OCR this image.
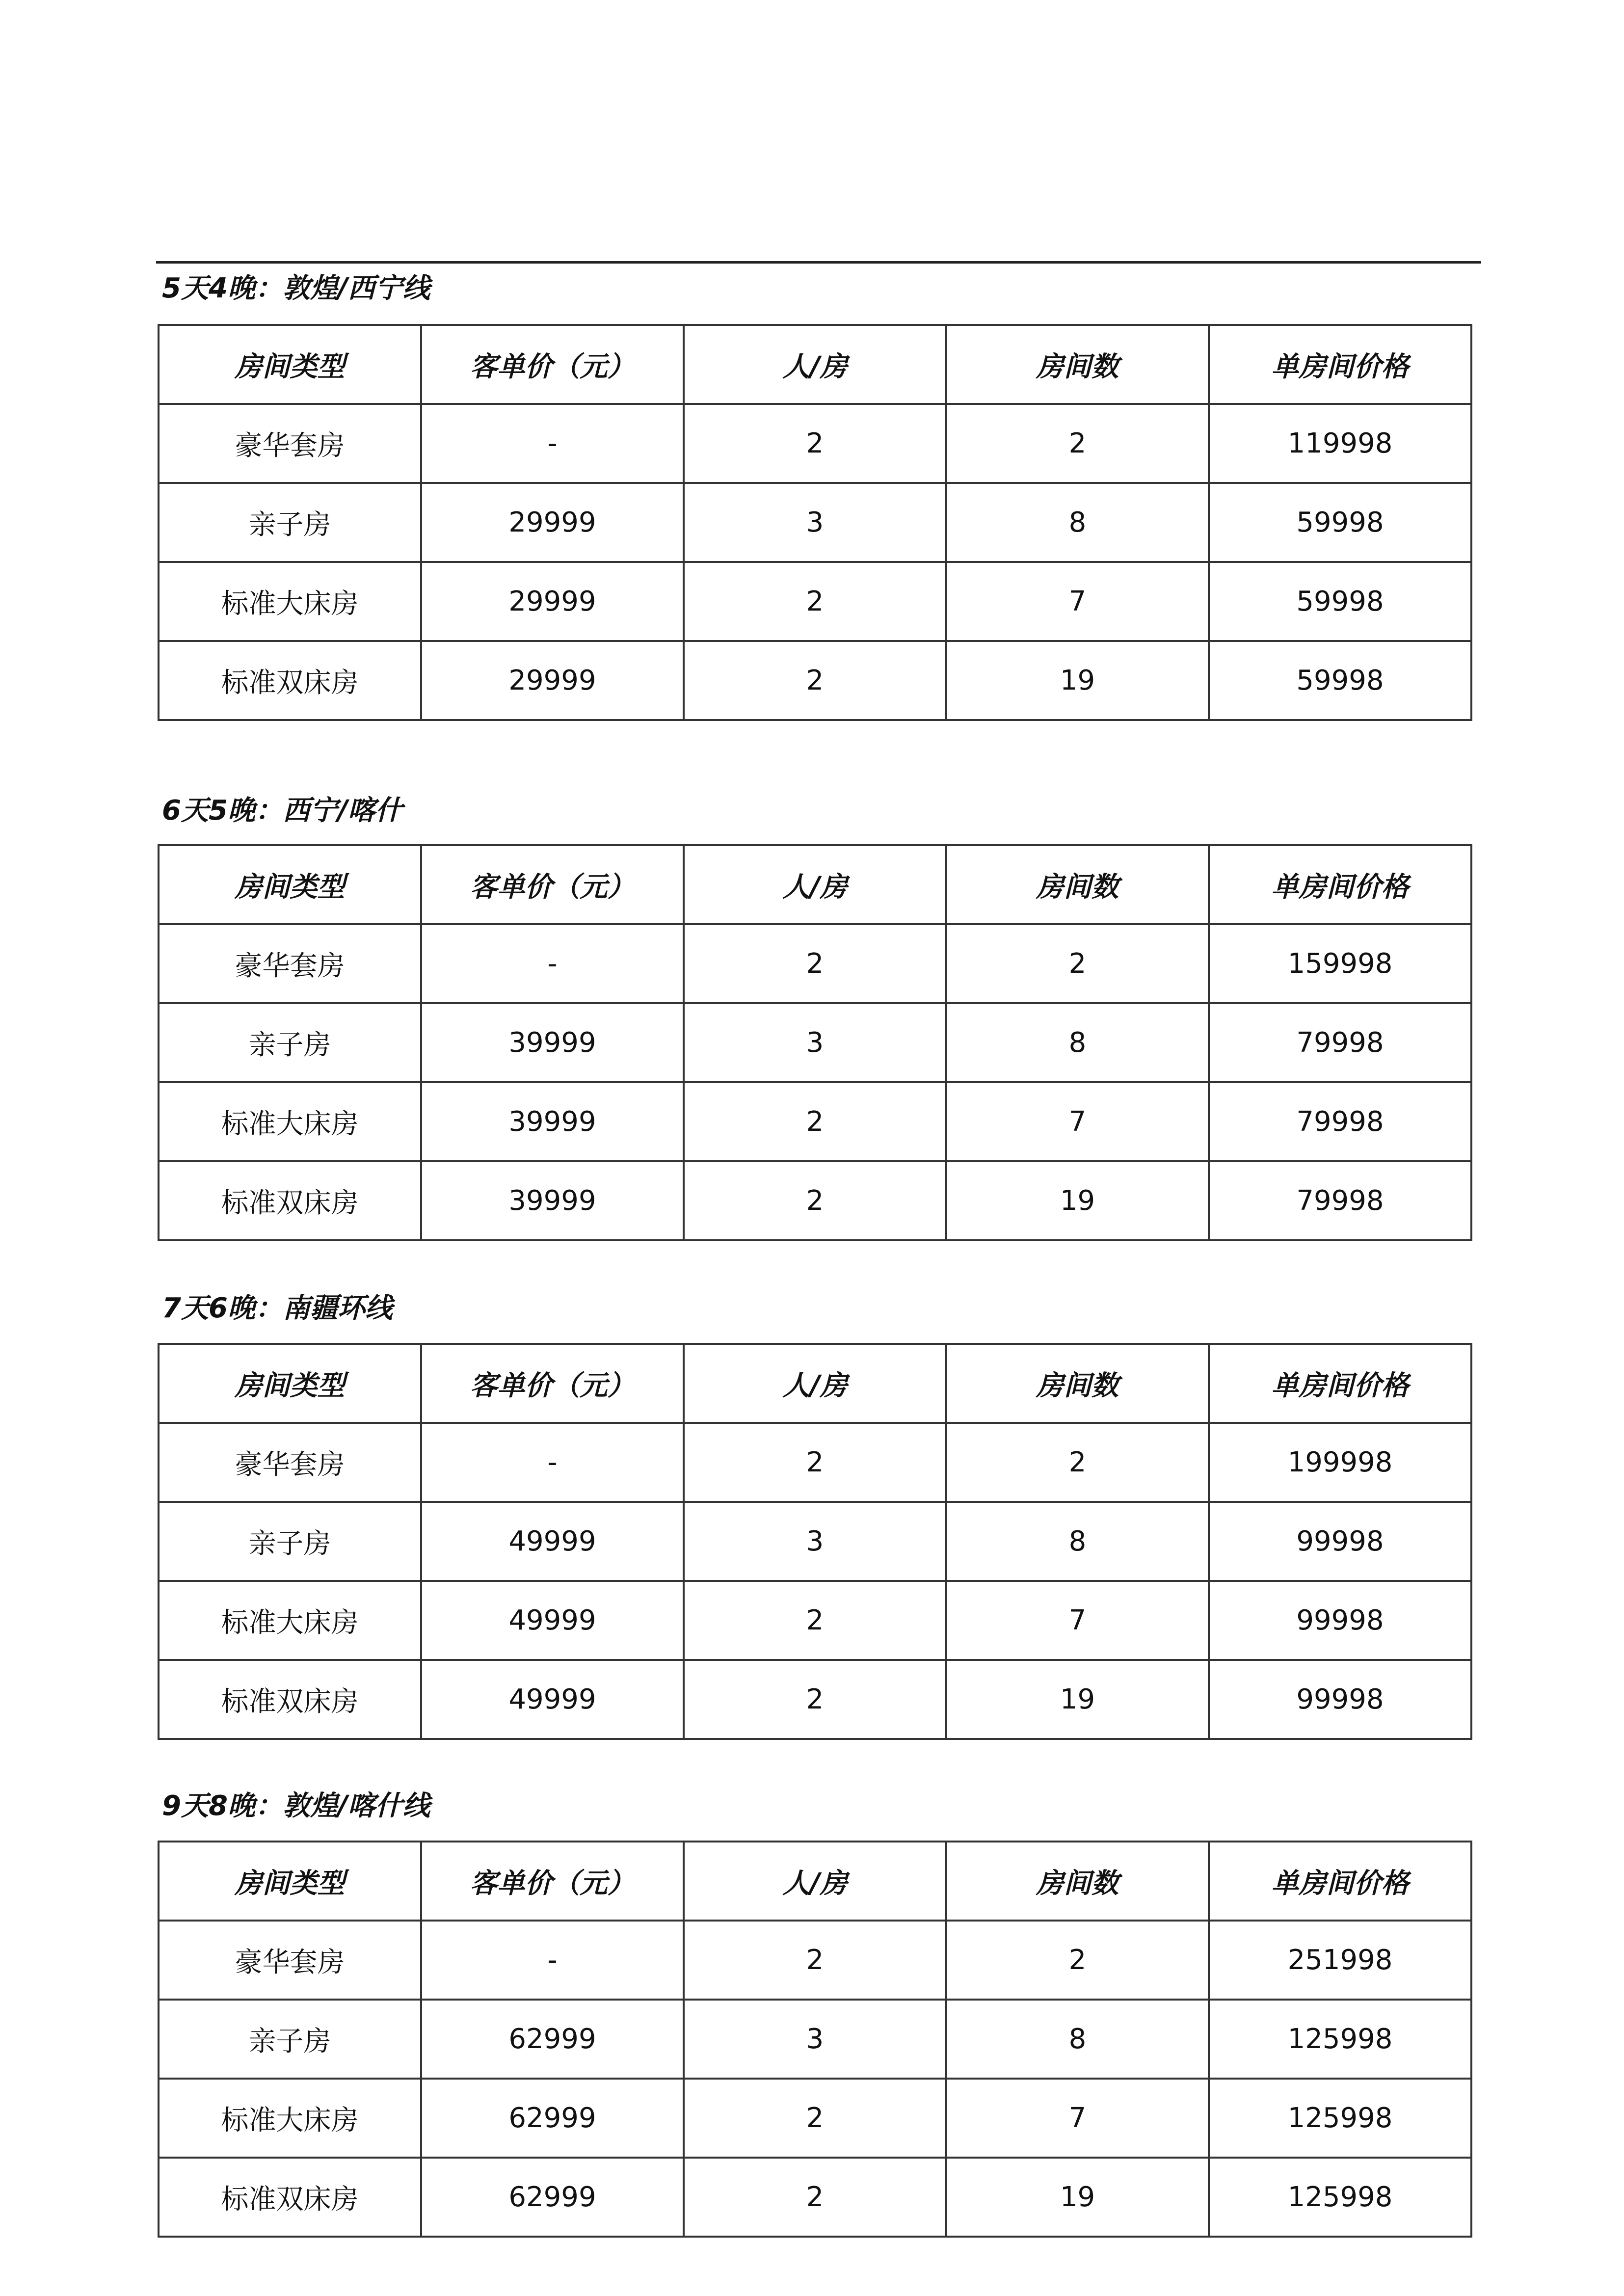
5天4晚：敦煌/西宁线
房间类型	客单价（元）	人/房	房间数	单房间价格
豪华套房	-	2	2	119998
亲子房	29999	3	8	59998
标准大床房	29999	2	7	59998
标准双床房	29999	2	19	59998
6天5晚：西宁/喀什
房间类型	客单价（元）	人/房	房间数	单房间价格
豪华套房	-	2	2	159998
亲子房	39999	3	8	79998
标准大床房	39999	2	7	79998
标准双床房	39999	2	19	79998
7天6晚：南疆环线
房间类型	客单价（元）	人/房	房间数	单房间价格
豪华套房	-	2	2	199998
亲子房	49999	3	8	99998
标准大床房	49999	2	7	99998
标准双床房	49999	2	19	99998
9天8晚：敦煌/喀什线
房间类型	客单价（元）	人/房	房间数	单房间价格
豪华套房	-	2	2	251998
亲子房	62999	3	8	125998
标准大床房	62999	2	7	125998
标准双床房	62999	2	19	125998
